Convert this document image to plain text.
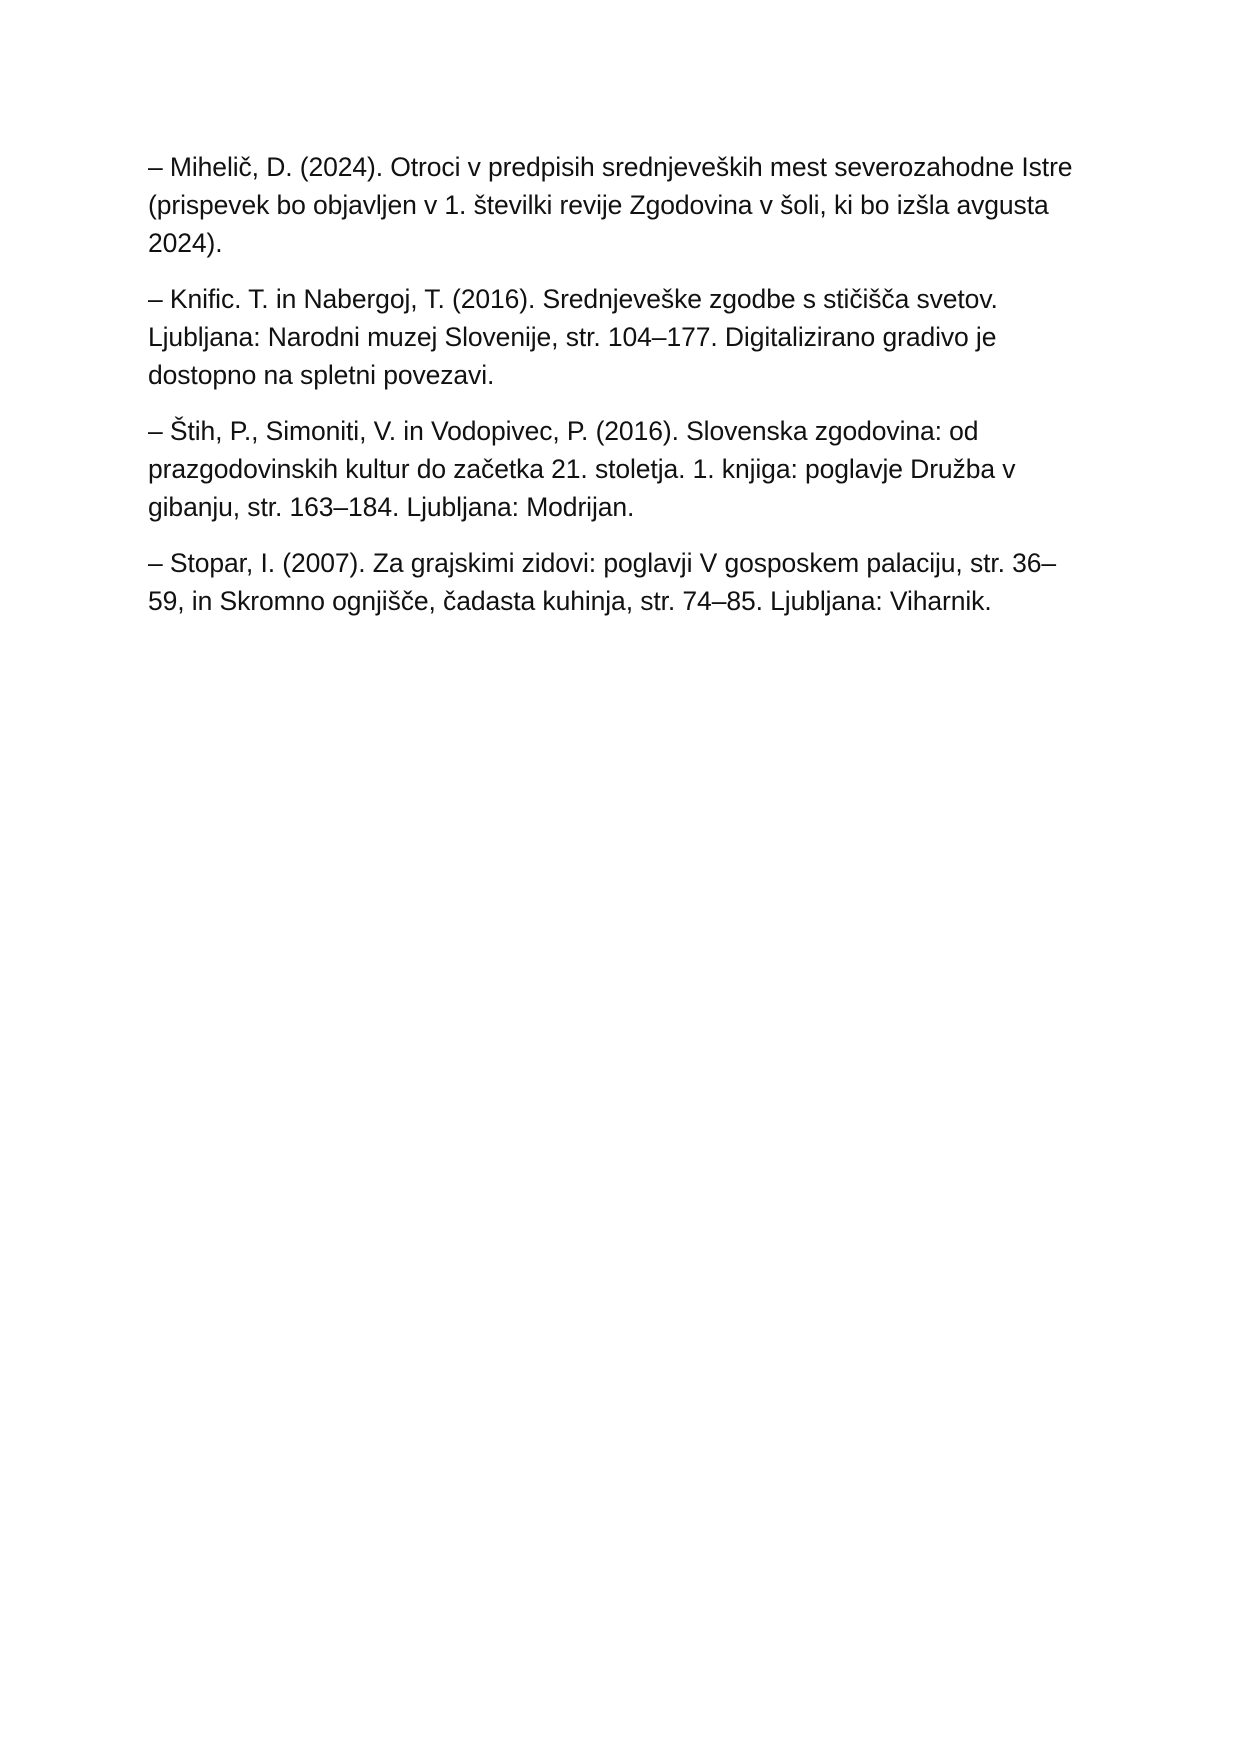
– Mihelič, D. (2024). Otroci v predpisih srednjeveških mest severozahodne Istre
(prispevek bo objavljen v 1. številki revije Zgodovina v šoli, ki bo izšla avgusta
2024).

– Knific. T. in Nabergoj, T. (2016). Srednjeveške zgodbe s stičišča svetov.
Ljubljana: Narodni muzej Slovenije, str. 104–177. Digitalizirano gradivo je
dostopno na spletni povezavi.

– Štih, P., Simoniti, V. in Vodopivec, P. (2016). Slovenska zgodovina: od
prazgodovinskih kultur do začetka 21. stoletja. 1. knjiga: poglavje Družba v
gibanju, str. 163–184. Ljubljana: Modrijan.

– Stopar, I. (2007). Za grajskimi zidovi: poglavji V gosposkem palaciju, str. 36–
59, in Skromno ognjišče, čadasta kuhinja, str. 74–85. Ljubljana: Viharnik.
